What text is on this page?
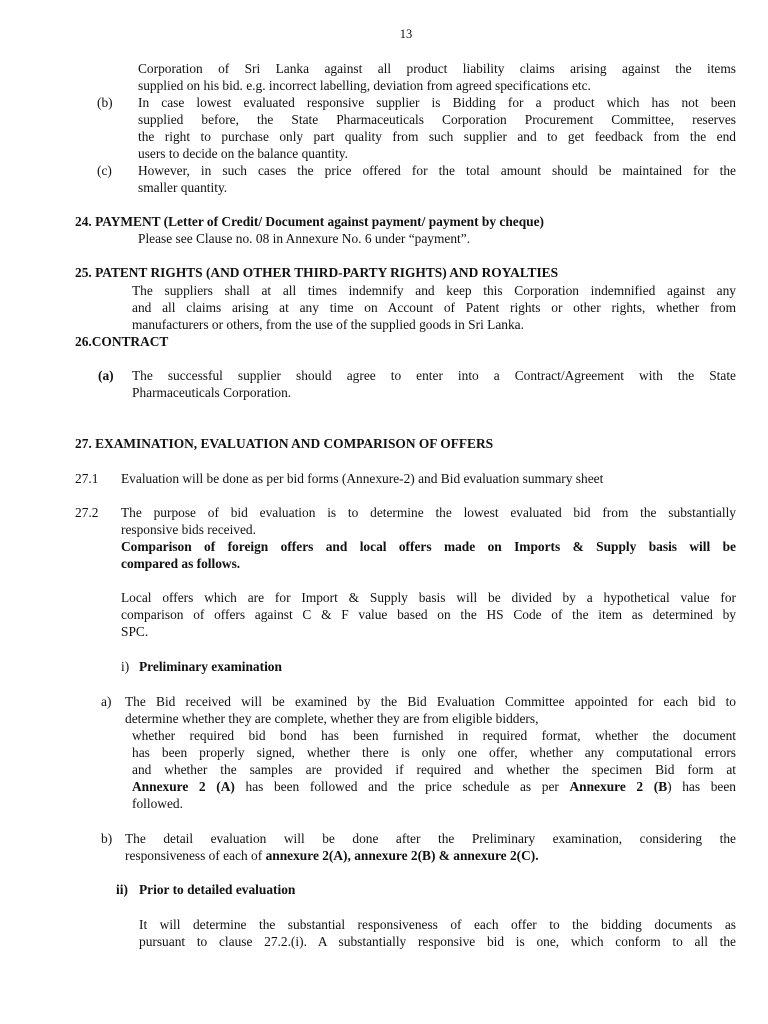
13
Corporation of Sri Lanka against all product liability claims arising against the items
supplied on his bid. e.g. incorrect labelling, deviation from agreed specifications etc.
(b) In case lowest evaluated responsive supplier is Bidding for a product which has not been
supplied before, the State Pharmaceuticals Corporation Procurement Committee, reserves
the right to purchase only part quality from such supplier and to get feedback from the end
users to decide on the balance quantity.
(c) However, in such cases the price offered for the total amount should be maintained for the
smaller quantity.
24. PAYMENT (Letter of Credit/ Document against payment/ payment by cheque)
Please see Clause no. 08 in Annexure No. 6 under “payment”.
25. PATENT RIGHTS (AND OTHER THIRD-PARTY RIGHTS) AND ROYALTIES
The suppliers shall at all times indemnify and keep this Corporation indemnified against any
and all claims arising at any time on Account of Patent rights or other rights, whether from
manufacturers or others, from the use of the supplied goods in Sri Lanka.
26.CONTRACT
(a) The successful supplier should agree to enter into a Contract/Agreement with the State
Pharmaceuticals Corporation.
27. EXAMINATION, EVALUATION AND COMPARISON OF OFFERS
27.1 Evaluation will be done as per bid forms (Annexure-2) and Bid evaluation summary sheet
27.2 The purpose of bid evaluation is to determine the lowest evaluated bid from the substantially
responsive bids received.
Comparison of foreign offers and local offers made on Imports & Supply basis will be
compared as follows.
Local offers which are for Import & Supply basis will be divided by a hypothetical value for
comparison of offers against C & F value based on the HS Code of the item as determined by
SPC.
i) Preliminary examination
a) The Bid received will be examined by the Bid Evaluation Committee appointed for each bid to
determine whether they are complete, whether they are from eligible bidders,
whether required bid bond has been furnished in required format, whether the document
has been properly signed, whether there is only one offer, whether any computational errors
and whether the samples are provided if required and whether the specimen Bid form at
Annexure 2 (A) has been followed and the price schedule as per Annexure 2 (B) has been
followed.
b) The detail evaluation will be done after the Preliminary examination, considering the
responsiveness of each of annexure 2(A), annexure 2(B) & annexure 2(C).
ii) Prior to detailed evaluation
It will determine the substantial responsiveness of each offer to the bidding documents as
pursuant to clause 27.2.(i). A substantially responsive bid is one, which conform to all the
